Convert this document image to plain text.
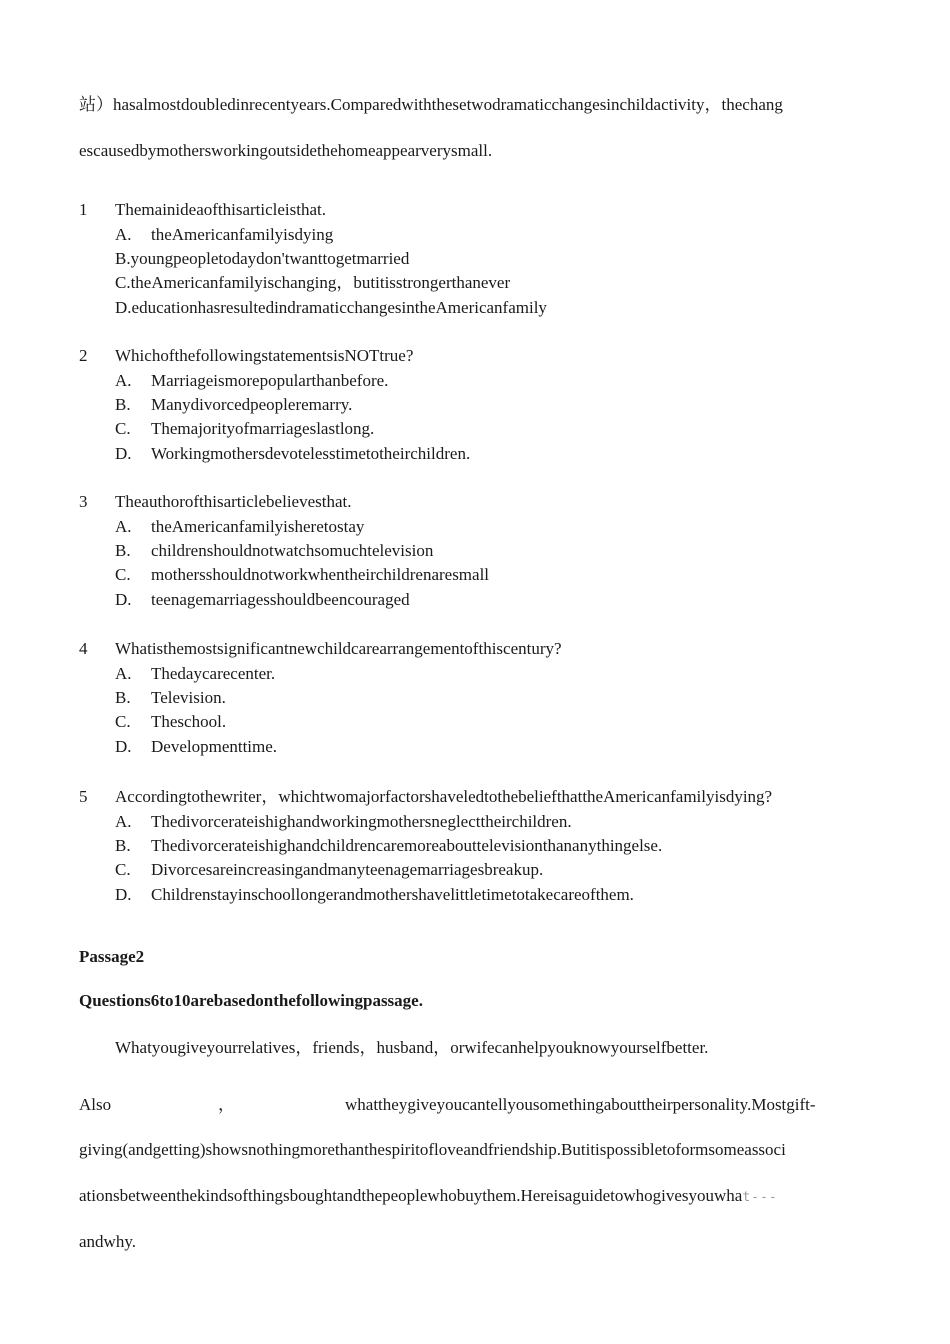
站）hasalmostdoubledinrecentyears.Comparedwiththesetwodramaticchangesinchildactivity，thechang
escausedbymothersworkingoutsidethehomeappearverysmall.
1 Themainideaofthisarticleisthat.
A. theAmericanfamilyisdying
B.youngpeopletodaydon'twanttogetmarried
C.theAmericanfamilyischanging，butitisstrongerthanever
D.educationhasresultedindramaticchangesintheAmericanfamily
2 WhichofthefollowingstatementsisNOTtrue?
A. Marriageismorepopularthanbefore.
B. Manydivorcedpeopleremarry.
C. Themajorityofmarriageslastlong.
D. Workingmothersdevotelesstimetotheirchildren.
3 Theauthorofthisarticlebelievesthat.
A. theAmericanfamilyisheretostay
B. childrenshouldnotwatchsomuchtelevision
C. mothersshouldnotworkwhentheirchildrenaresmall
D. teenagemarriagesshouldbeencouraged
4 Whatisthemostsignificantnewchildcarearrangementofthiscentury?
A. Thedaycarecenter.
B. Television.
C. Theschool.
D. Developmenttime.
5 Accordingtothewriter，whichtwomajorfactorshaveledtothebeliefthattheAmericanfamilyisdying?
A. Thedivorcerateishighandworkingmothersneglecttheirchildren.
B. Thedivorcerateishighandchildrencaremoreabouttelevisionthananythingelse.
C. Divorcesareincreasingandmanyteenagemarriagesbreakup.
D. Childrenstayinschoollongerandmothershavelittletimetotakecareofthem.
Passage2
Questions6to10arebasedonthefollowingpassage.
Whatyougiveyourrelatives，friends，husband，orwifecanhelpyouknowyourselfbetter.
Also	，	whattheygiveyoucantellyousomethingabouttheirpersonality.Mostgift-
giving(andgetting)showsnothingmorethanthespiritofloveandfriendship.Butitispossibletoformsomeassoci
ationsbetweenthekindsofthingsboughtandthepeoplewhobuythem.Hereisaguidetowhogivesyouwhat---
andwhy.
